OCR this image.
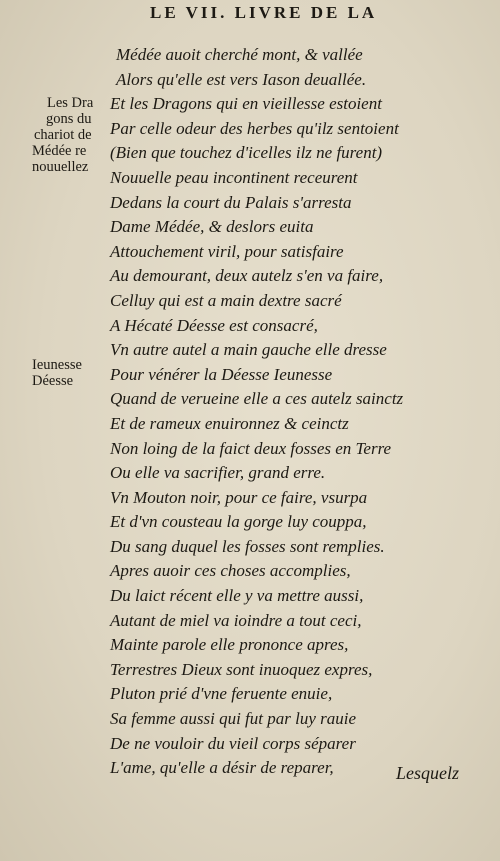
LE VII. LIVRE DE LA
Les Dra
gons du
chariot de
Médée re
nouuellez
Ieunesse
Déesse
Médée auoit cherché mont, & vallée
Alors qu'elle est vers Iason deuallée.
Et les Dragons qui en vieillesse estoient
Par celle odeur des herbes qu'ilz sentoient
(Bien que touchez d'icelles ilz ne furent)
Nouuelle peau incontinent receurent
Dedans la court du Palais s'arresta
Dame Médée, & deslors euita
Attouchement viril, pour satisfaire
Au demourant, deux autelz s'en va faire,
Celluy qui est a main dextre sacré
A Hécaté Déesse est consacré,
Vn autre autel a main gauche elle dresse
Pour vénérer la Déesse Ieunesse
Quand de verueine elle a ces autelz sainctz
Et de rameux enuironnez & ceinctz
Non loing de la faict deux fosses en Terre
Ou elle va sacrifier, grand erre.
Vn Mouton noir, pour ce faire, vsurpa
Et d'vn cousteau la gorge luy couppa,
Du sang duquel les fosses sont remplies.
Apres auoir ces choses accomplies,
Du laict récent elle y va mettre aussi,
Autant de miel va ioindre a tout ceci,
Mainte parole elle prononce apres,
Terrestres Dieux sont inuoquez expres,
Pluton prié d'vne feruente enuie,
Sa femme aussi qui fut par luy rauie
De ne vouloir du vieil corps séparer
L'ame, qu'elle a désir de reparer,	Lesquelz
